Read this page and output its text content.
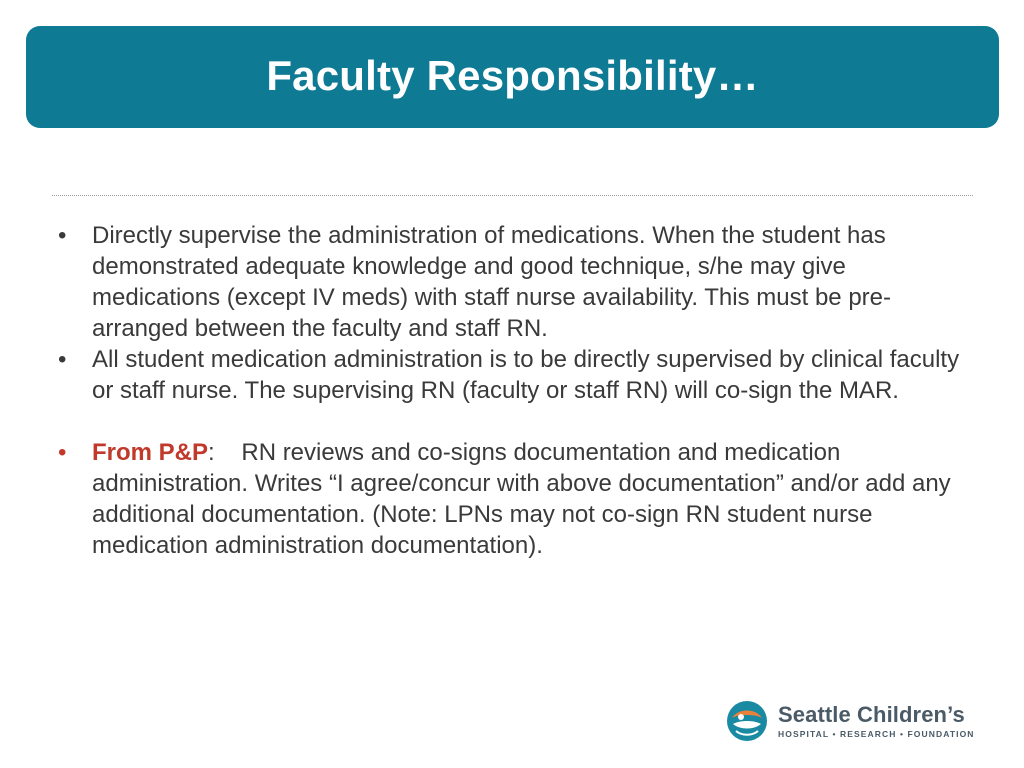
Faculty Responsibility…
• Directly supervise the administration of medications. When the student has demonstrated adequate knowledge and good technique, s/he may give medications (except IV meds) with staff nurse availability. This must be pre-arranged between the faculty and staff RN.
• All student medication administration is to be directly supervised by clinical faculty or staff nurse. The supervising RN (faculty or staff RN) will co-sign the MAR.
• From P&P:    RN reviews and co-signs documentation and medication administration. Writes “I agree/concur with above documentation” and/or add any additional documentation. (Note: LPNs may not co-sign RN student nurse medication administration documentation).
Seattle Children’s
HOSPITAL • RESEARCH • FOUNDATION
